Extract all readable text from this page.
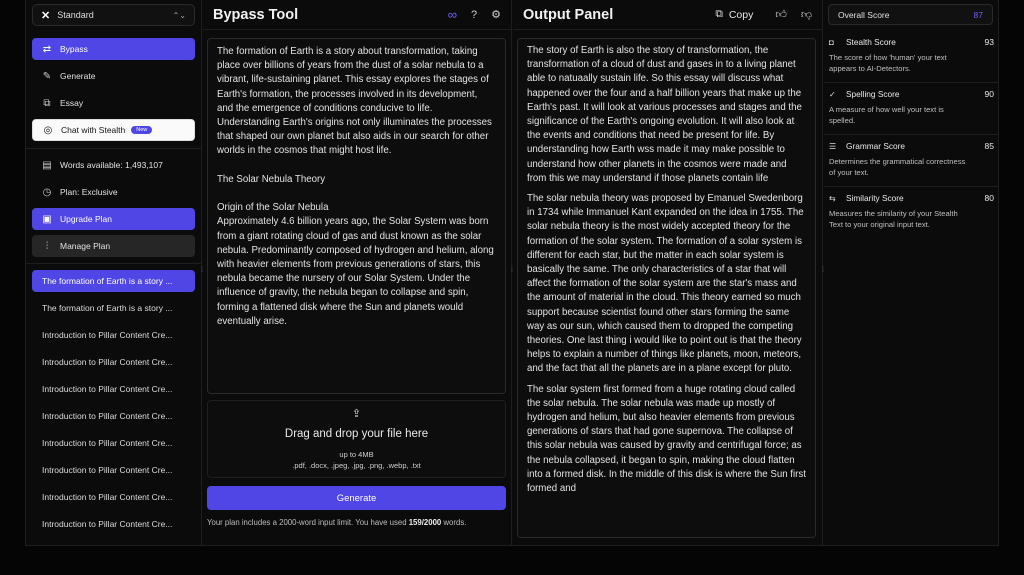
✕ Standard	⌃⌄
⇄	Bypass
✎	Generate
⧉	Essay
◎	Chat with Stealth	New
▤ Words available: 1,493,107
◷	Plan: Exclusive
▣ Upgrade Plan
⫶	Manage Plan
The formation of Earth is a story ...
The formation of Earth is a story ...
Introduction to Pillar Content Cre...
Introduction to Pillar Content Cre...
Introduction to Pillar Content Cre...
Introduction to Pillar Content Cre...
Introduction to Pillar Content Cre...
Introduction to Pillar Content Cre...
Introduction to Pillar Content Cre...
Introduction to Pillar Content Cre...
⁞
Bypass Tool	∞ ? ⚙

The formation of Earth is a story about transformation, taking place over billions of years from the dust of a solar nebula to a vibrant, life-sustaining planet. This essay explores the stages of Earth's formation, the processes involved in its development, and the emergence of conditions conducive to life. Understanding Earth's origins not only illuminates the processes that shaped our own planet but also aids in our search for other worlds in the cosmos that might host life.

The Solar Nebula Theory

Origin of the Solar Nebula
Approximately 4.6 billion years ago, the Solar System was born from a giant rotating cloud of gas and dust known as the solar nebula. Predominantly composed of hydrogen and helium, along with heavier elements from previous generations of stars, this nebula became the nursery of our Solar System. Under the influence of gravity, the nebula began to collapse and spin, forming a flattened disk where the Sun and planets would eventually arise.

⇪
Drag and drop your file here
up to 4MB
.pdf, .docx, .jpeg, .jpg, .png, .webp, .txt
Generate
Your plan includes a 2000-word input limit. You have used 159/2000 words.
⁞
Output Panel	⧉ Copy 👍︎ 👎︎

The story of Earth is also the story of transformation, the transformation of a cloud of dust and gases in to a living planet able to natuaally sustain life. So this essay will discuss what happened over the four and a half billion years that make up the Earth's past. It will look at various processes and stages and the significance of the Earth's ongoing evolution. It will also look at the events and conditions that need be present for life. By understanding how Earth wss made it may make possible to understand how other planets in the cosmos were made and from this we may understand if those planets contain life

The solar nebula theory was proposed by Emanuel Swedenborg in 1734 while Immanuel Kant expanded on the idea in 1755. The solar nebula theory is the most widely accepted theory for the formation of the solar system. The formation of a solar system is different for each star, but the matter in each solar system is basically the same. The only characteristics of a star that will affect the formation of the solar system are the star's mass and the amount of material in the cloud. This theory earned so much support because scientist found other stars forming the same way as our sun, which caused them to dropped the competing theories. One last thing i would like to point out is that the theory helps to explain a number of things like planets, moon, meteors, and the fact that all the planets are in a plane except for pluto.

The solar system first formed from a huge rotating cloud called the solar nebula. The solar nebula was made up mostly of hydrogen and helium, but also heavier elements from previous generations of stars that had gone supernova. The collapse of this solar nebula was caused by gravity and centrifugal force; as the nebula collapsed, it began to spin, making the cloud flatten into a formed disk. In the middle of this disk is where the Sun first formed and

⁞
Overall Score	87
◘	Stealth Score	93
The score of how 'human' your text appears to AI-Detectors.
✓	Spelling Score	90
A measure of how well your text is spelled.
☰	Grammar Score	85
Determines the grammatical correctness of your text.
⇆	Similarity Score	80
Measures the similarity of your Stealth Text to your original input text.
